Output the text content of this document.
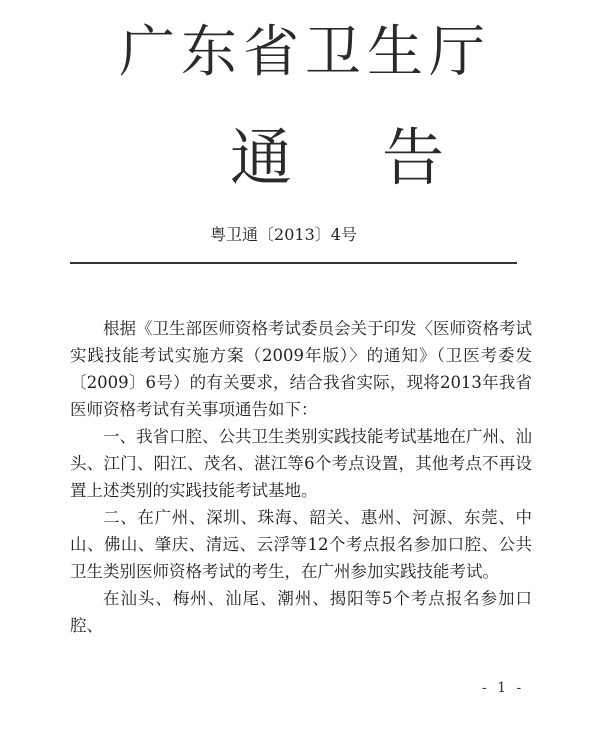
广东省卫生厅
通告
粤卫通〔2013〕4号

根据《卫生部医师资格考试委员会关于印发〈医师资格考试实践技能考试实施方案（2009年版）〉的通知》（卫医考委发〔2009〕6号）的有关要求，结合我省实际，现将2013年我省医师资格考试有关事项通告如下：

一、我省口腔、公共卫生类别实践技能考试基地在广州、汕头、江门、阳江、茂名、湛江等6个考点设置，其他考点不再设置上述类别的实践技能考试基地。

二、在广州、深圳、珠海、韶关、惠州、河源、东莞、中山、佛山、肇庆、清远、云浮等12个考点报名参加口腔、公共卫生类别医师资格考试的考生，在广州参加实践技能考试。

在汕头、梅州、汕尾、潮州、揭阳等5个考点报名参加口腔、

- 1 -
